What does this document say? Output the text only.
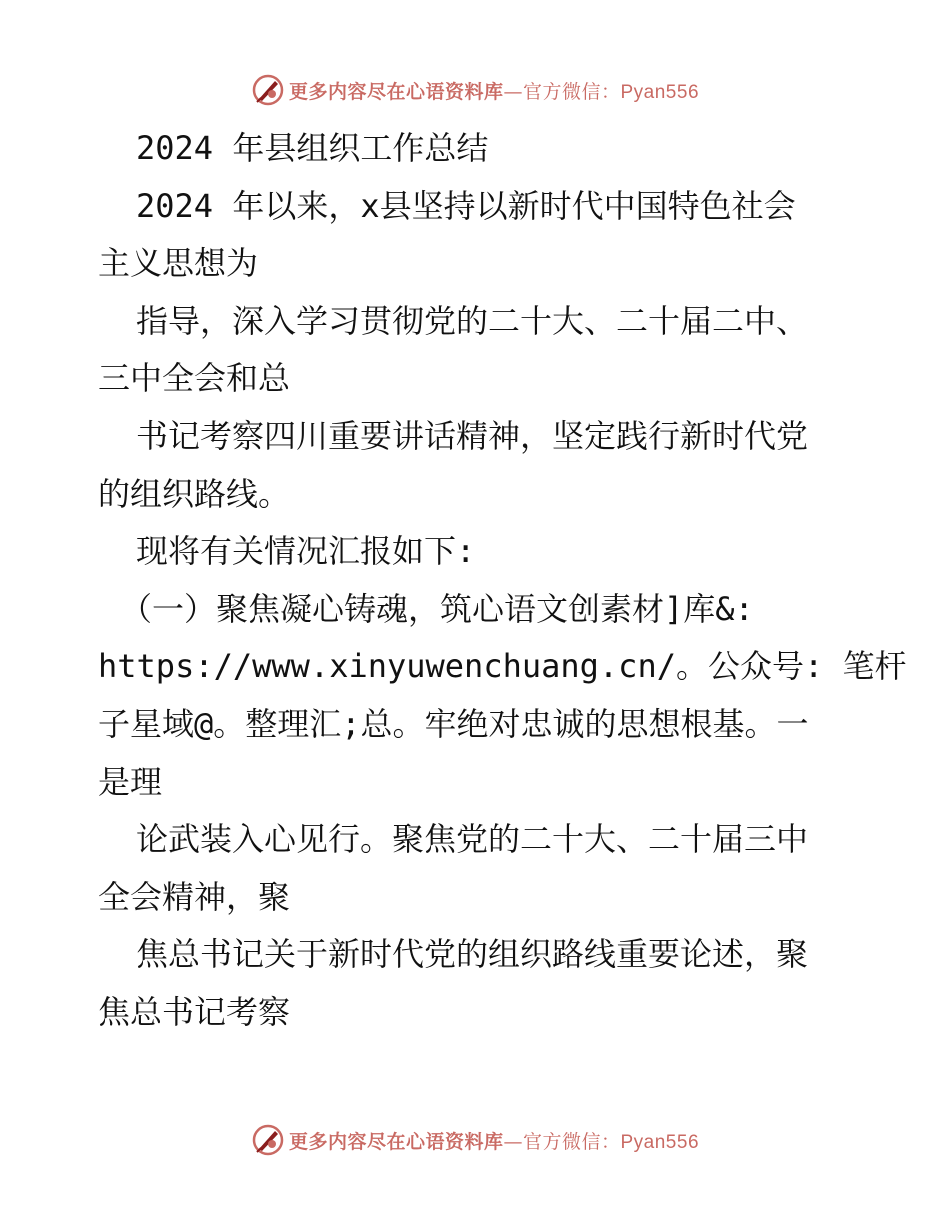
更多内容尽在心语资料库—官方微信：Pyan556
2024 年县组织工作总结
2024 年以来，x县坚持以新时代中国特色社会
主义思想为
指导，深入学习贯彻党的二十大、二十届二中、
三中全会和总
书记考察四川重要讲话精神，坚定践行新时代党
的组织路线。
现将有关情况汇报如下:
（一）聚焦凝心铸魂，筑心语文创素材]库&:
https://www.xinyuwenchuang.cn/。公众号: 笔杆
子星域@。整理汇;总。牢绝对忠诚的思想根基。一
是理
论武装入心见行。聚焦党的二十大、二十届三中
全会精神，聚
焦总书记关于新时代党的组织路线重要论述，聚
焦总书记考察
更多内容尽在心语资料库—官方微信：Pyan556
